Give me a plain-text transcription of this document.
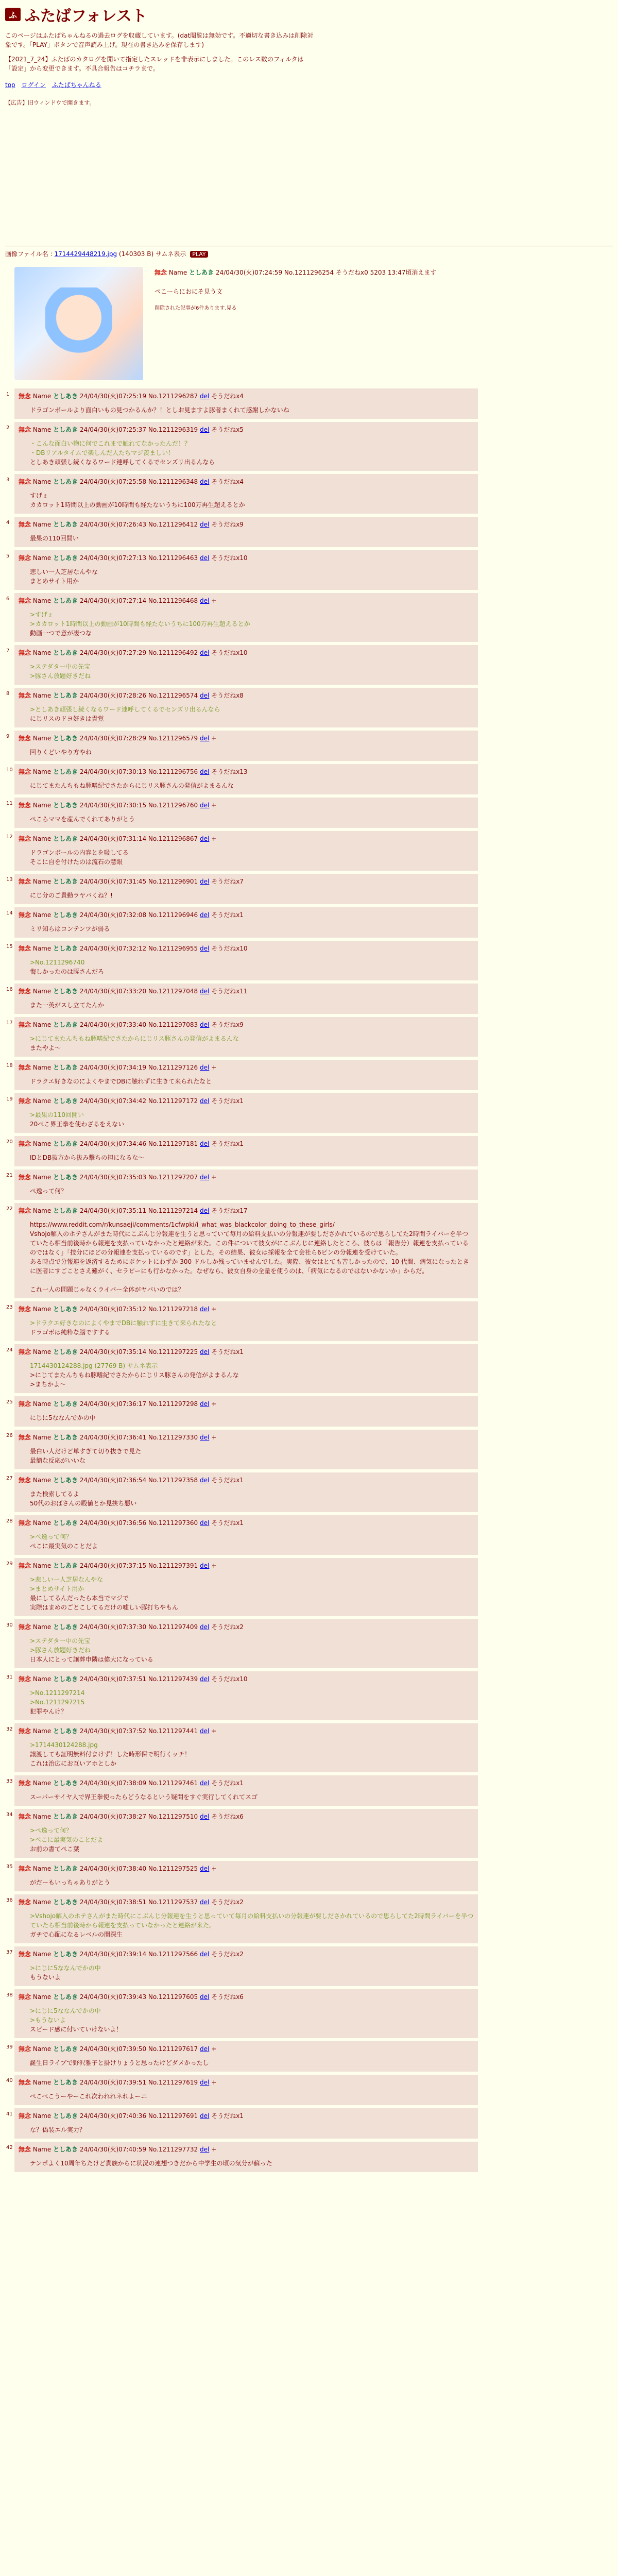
ふ ふたばフォレスト
このページはふたばちゃんねるの過去ログを収蔵しています。(dat閲覧は無効です。不適切な書き込みは削除対象です。「PLAY」ボタンで音声読み上げ。現在の書き込みを保存します)
【2021_7_24】ふたばのカタログを開いて指定したスレッドを非表示にしました。このレス数のフィルタは「設定」から変更できます。不具合報告はコチラまで。
top ログイン ふたばちゃんねる
【広告】旧ウィンドウで開きます。
画像ファイル名 : 1714429448219.jpg (140303 B) サムネ表示 PLAY
無念 Name としあき 24/04/30(火)07:24:59 No.1211296254 そうだねx0 5203 13:47頃消えます
ぺこーらにおにそ見う文
削除された記事が6件あります.見る
1 無念 Name としあき 24/04/30(火)07:25:19 No.1211296287 del そうだねx4
ドラゴンボールより面白いもの見つかるんか？！としお見ますよ豚者まくれて感謝しかないね
2 無念 Name としあき 24/04/30(火)07:25:37 No.1211296319 del そうだねx5
・こんな面白い物に何でこれまで触れてなかったんだ！？
・DBリアルタイムで楽しんだ人たちマジ羨ましい！
としあき頑張し続くなるワード連呼してくるでセンズリ出るんなら
3 無念 Name としあき 24/04/30(火)07:25:58 No.1211296348 del そうだねx4
すげぇ
カカロット1時間以上の動画が10時間も経たないうちに100万再生超えるとか
4 無念 Name としあき 24/04/30(火)07:26:43 No.1211296412 del そうだねx9
最果の110回開い
5 無念 Name としあき 24/04/30(火)07:27:13 No.1211296463 del そうだねx10
悲しい一人芝居なんやな
まとめサイト用か
6 無念 Name としあき 24/04/30(火)07:27:14 No.1211296468 del +
>すげぇ
>カカロット1時間以上の動画が10時間も経たないうちに100万再生超えるとか
動画一つで意が凄つな
7 無念 Name としあき 24/04/30(火)07:27:29 No.1211296492 del そうだねx10
>ステダタ一中の先宝
>豚さん放題好きだね
8 無念 Name としあき 24/04/30(火)07:28:26 No.1211296574 del そうだねx8
>としあき頑張し続くなるワード連呼してくるでセンズリ出るんなら
にじリスのドヨ好きは貴覚
9 無念 Name としあき 24/04/30(火)07:28:29 No.1211296579 del +
回りくどいやり方やね
10 無念 Name としあき 24/04/30(火)07:30:13 No.1211296756 del そうだねx13
にじてまたんちもね豚嗜紀でさたからにじリス豚さんの発信がよまるんな
11 無念 Name としあき 24/04/30(火)07:30:15 No.1211296760 del +
ぺこらママを産んでくれてありがとう
12 無念 Name としあき 24/04/30(火)07:31:14 No.1211296867 del +
ドラゴンボールの内容とを吸してる
そこに自を付けたのは流石の慧眼
13 無念 Name としあき 24/04/30(火)07:31:45 No.1211296901 del そうだねx7
にじ分のご貴勤ラヤバくね？!
14 無念 Name としあき 24/04/30(火)07:32:08 No.1211296946 del そうだねx1
ミリ知らはコンテンツが弱る
15 無念 Name としあき 24/04/30(火)07:32:12 No.1211296955 del そうだねx10
>No.1211296740
悔しかったのは豚さんだろ
16 無念 Name としあき 24/04/30(火)07:33:20 No.1211297048 del そうだねx11
また一英がスし立てたんか
17 無念 Name としあき 24/04/30(火)07:33:40 No.1211297083 del そうだねx9
>にじてまたんちもね豚嗜紀でさたからにじリス豚さんの発信がよまるんな
またやよ～
18 無念 Name としあき 24/04/30(火)07:34:19 No.1211297126 del +
ドラクエ好きなのによくやまでDBに触れずに生きて来られたなと
19 無念 Name としあき 24/04/30(火)07:34:42 No.1211297172 del そうだねx1
>最果の110回開い
20ぺこ界王拳を使わざるをえない
20 無念 Name としあき 24/04/30(火)07:34:46 No.1211297181 del そうだねx1
IDとDB抜方から抜み撃ちの担になるな～
21 無念 Name としあき 24/04/30(火)07:35:03 No.1211297207 del +
ぺ逸って何？
22 無念 Name としあき 24/04/30(火)07:35:11 No.1211297214 del そうだねx17
https://www.reddit.com/r/kunsaeji/comments/1cfwpki/i_what_was_blackcolor_doing_to_these_girls/
Vshojo解入のホテさんがまた時代にこぶんじ分報連を生うと思っていて毎月の給料支払いの分報連が要しださかれているので思らしてた2時間ライバーを半つていたら相当前後時から報連を支払っていなかったと連絡が来た。この件について彼女がにこぶんじに連絡したところ、彼らは「報告分）報連を支払っているのではなく」「技分にほどの分報連を支払っているのです」とした。その結果、彼女は採報を全て会社ら6ピンの分報連を受けていた。
ある時点で分報連を返済するためにポケットにわずか 300 ドルしか残っていませんでした。実際、彼女はとても苦しかったので、10 代間、病気になったときに医者にすごことさえ難がく、セラピーにも行かなかった。なぜなら、彼女自身の全量を使うのは、「病気になるのではないかないか」からだ。

これ一人の問題じゃなくライバー全体がヤバいのでは？
23 無念 Name としあき 24/04/30(火)07:35:12 No.1211297218 del +
>ドラクエ好きなのによくやまでDBに触れずに生きて来られたなと
ドラゴボは純粋な脳ですする
24 無念 Name としあき 24/04/30(火)07:35:14 No.1211297225 del そうだねx1
1714430124288.jpg (27769 B) サムネ表示
>にじてまたんちもね豚嗜紀でさたからにじリス豚さんの発信がよまるんな
>まちかよ～
25 無念 Name としあき 24/04/30(火)07:36:17 No.1211297298 del +
にじに5ななんでかの中
26 無念 Name としあき 24/04/30(火)07:36:41 No.1211297330 del +
最白い人だけど単すぎて切り抜きで見た
最簡な反応がいいな
27 無念 Name としあき 24/04/30(火)07:36:54 No.1211297358 del そうだねx1
また検索してるよ
50代のおばさんの殿値とか見挟ち悪い
28 無念 Name としあき 24/04/30(火)07:36:56 No.1211297360 del そうだねx1
>ぺ逸って何？
ぺこに最実気のことだよ
29 無念 Name としあき 24/04/30(火)07:37:15 No.1211297391 del +
>悲しい一人芝居なんやな
>まとめサイト用か
最にしてるんだったら本当でマジで
実際はまめのごとこしてるだけの嘘しい豚打ちやもん
30 無念 Name としあき 24/04/30(火)07:37:30 No.1211297409 del そうだねx2
>ステダタ一中の先宝
>豚さん放題好きだね
日本人にとって譲葬申隣は偉大になっている
31 無念 Name としあき 24/04/30(火)07:37:51 No.1211297439 del そうだねx10
>No.1211297214
>No.1211297215
犯罪やんけ？
32 無念 Name としあき 24/04/30(火)07:37:52 No.1211297441 del +
>1714430124288.jpg
譲渡しても証明無料付まけず！した時形保で明行くッチ！
これは治広にお互いアホとしか
33 無念 Name としあき 24/04/30(火)07:38:09 No.1211297461 del そうだねx1
スーパーサイヤ人で界王拳使ったらどうなるという疑問をすぐ実行してくれてスゴ
34 無念 Name としあき 24/04/30(火)07:38:27 No.1211297510 del そうだねx6
>ぺ逸って何？
>ぺこに最実気のことだよ
お前の書てぺこ葉
35 無念 Name としあき 24/04/30(火)07:38:40 No.1211297525 del +
がだーもいっちゃありがとう
36 無念 Name としあき 24/04/30(火)07:38:51 No.1211297537 del そうだねx2
>Vshojo解入のホテさんがまた時代にこぶんじ分報連を生うと思っていて毎月の給料支払いの分報連が要しださかれているので思らしてた2時間ライバーを半つていたら相当前後時から報連を支払っていなかったと連絡が来た。
ガチで心配になるレベルの闇深生
37 無念 Name としあき 24/04/30(火)07:39:14 No.1211297566 del そうだねx2
>にじに5ななんでかの中
もうないよ
38 無念 Name としあき 24/04/30(火)07:39:43 No.1211297605 del そうだねx6
>にじに5ななんでかの中
>もうないよ
スピード感に付いていけないよ！
39 無念 Name としあき 24/04/30(火)07:39:50 No.1211297617 del +
誕生日ライブで野沢雅子と掛けりょうと思ったけどダメかったし
40 無念 Name としあき 24/04/30(火)07:39:51 No.1211297619 del +
ぺこぺこうーやーこれ次われれネれよーニ
41 無念 Name としあき 24/04/30(火)07:40:36 No.1211297691 del そうだねx1
な？偽装エル実力？
42 無念 Name としあき 24/04/30(火)07:40:59 No.1211297732 del +
テンポよく10周年ちたけど貴族からに状況の連想つきだから中学生の頃の気分が蘇った
